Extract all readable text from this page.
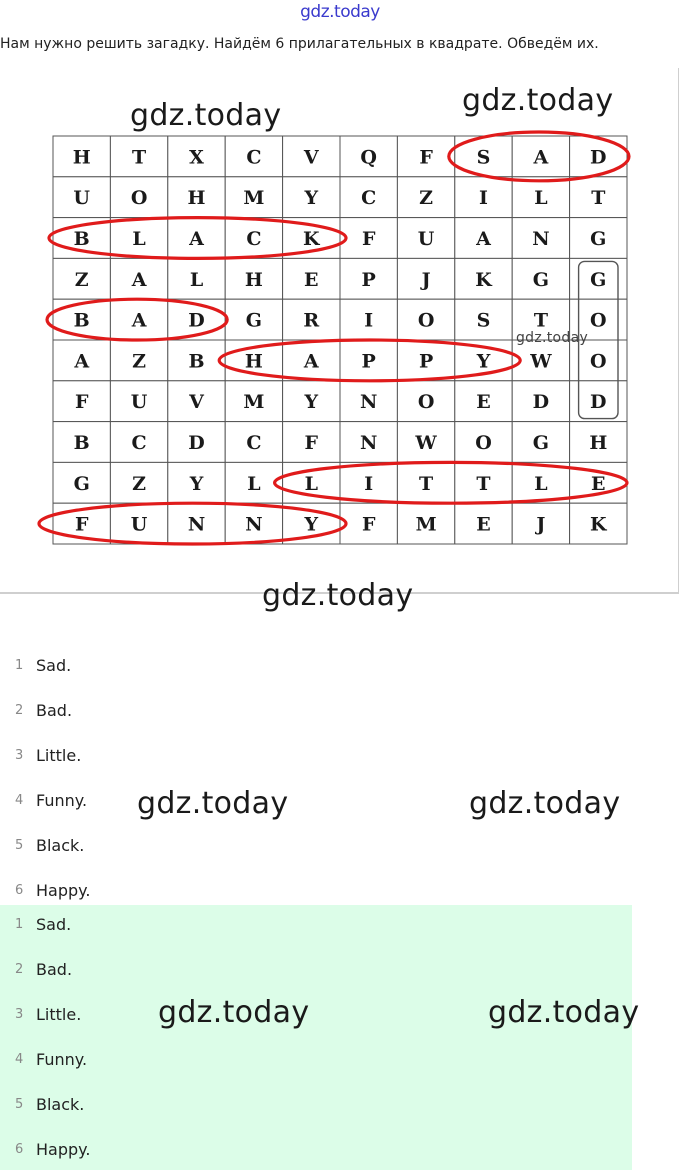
gdz.today
Нам нужно решить загадку. Найдём 6 прилагательных в квадрате. Обведём их.
H T X C V Q F S A D
U O H M Y C Z I L T
B L A C K F U A N G
Z A L H E P J K G G
B A D G R I O S T O
A Z B H A P P Y W O
F U V M Y N O E D D
B C D C F N W O G H
G Z Y L L I T T L E
F U N N Y F M E J K
gdz.today	gdz.today
gdz.today
gdz.today
1 Sad.
2 Bad.
3 Little.
4 Funny.
5 Black.
6 Happy.
1 Sad.
2 Bad.
3 Little.
4 Funny.
5 Black.
6 Happy.
gdz.today	gdz.today
gdz.today	gdz.today
